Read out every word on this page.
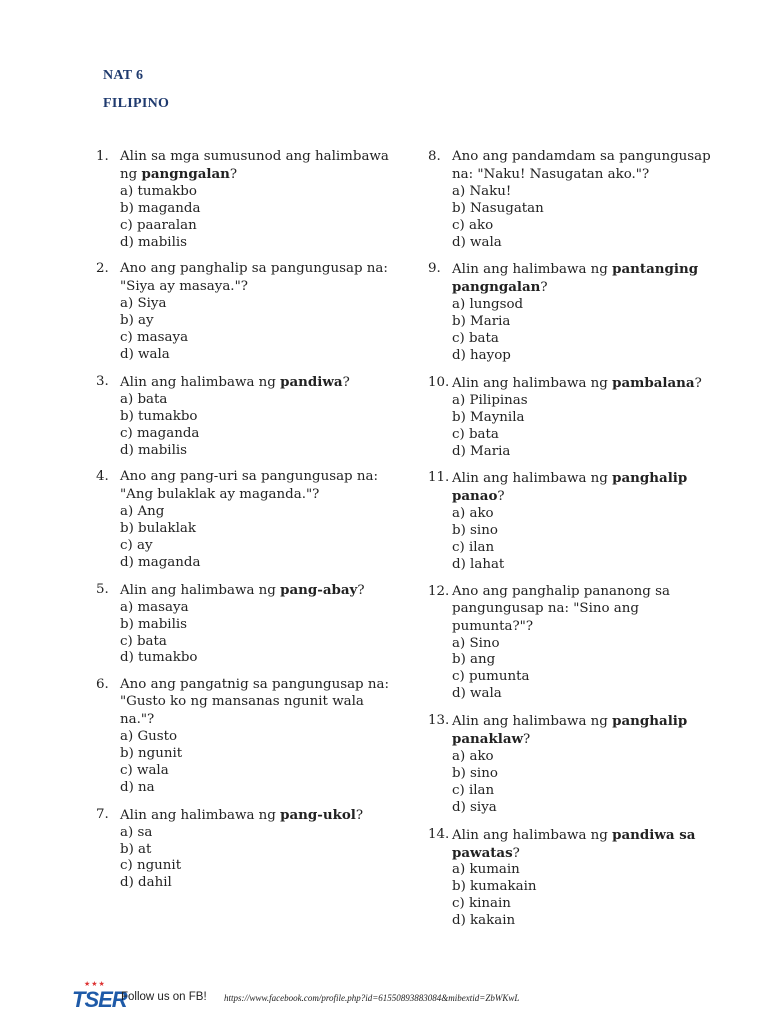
NAT 6
FILIPINO
1. Alin sa mga sumusunod ang halimbawa ng pangngalan?
a) tumakbo
b) maganda
c) paaralan
d) mabilis
2. Ano ang panghalip sa pangungusap na: "Siya ay masaya."?
a) Siya
b) ay
c) masaya
d) wala
3. Alin ang halimbawa ng pandiwa?
a) bata
b) tumakbo
c) maganda
d) mabilis
4. Ano ang pang-uri sa pangungusap na: "Ang bulaklak ay maganda."?
a) Ang
b) bulaklak
c) ay
d) maganda
5. Alin ang halimbawa ng pang-abay?
a) masaya
b) mabilis
c) bata
d) tumakbo
6. Ano ang pangatnig sa pangungusap na: "Gusto ko ng mansanas ngunit wala na."?
a) Gusto
b) ngunit
c) wala
d) na
7. Alin ang halimbawa ng pang-ukol?
a) sa
b) at
c) ngunit
d) dahil
8. Ano ang pandamdam sa pangungusap na: "Naku! Nasugatan ako."?
a) Naku!
b) Nasugatan
c) ako
d) wala
9. Alin ang halimbawa ng pantanging pangngalan?
a) lungsod
b) Maria
c) bata
d) hayop
10. Alin ang halimbawa ng pambalana?
a) Pilipinas
b) Maynila
c) bata
d) Maria
11. Alin ang halimbawa ng panghalip panao?
a) ako
b) sino
c) ilan
d) lahat
12. Ano ang panghalip pananong sa pangungusap na: "Sino ang pumunta?"?
a) Sino
b) ang
c) pumunta
d) wala
13. Alin ang halimbawa ng panghalip panaklaw?
a) ako
b) sino
c) ilan
d) siya
14. Alin ang halimbawa ng pandiwa sa pawatas?
a) kumain
b) kumakain
c) kinain
d) kakain
★★★
TSER
Follow us on FB! https://www.facebook.com/profile.php?id=61550893883084&mibextid=ZbWKwL
